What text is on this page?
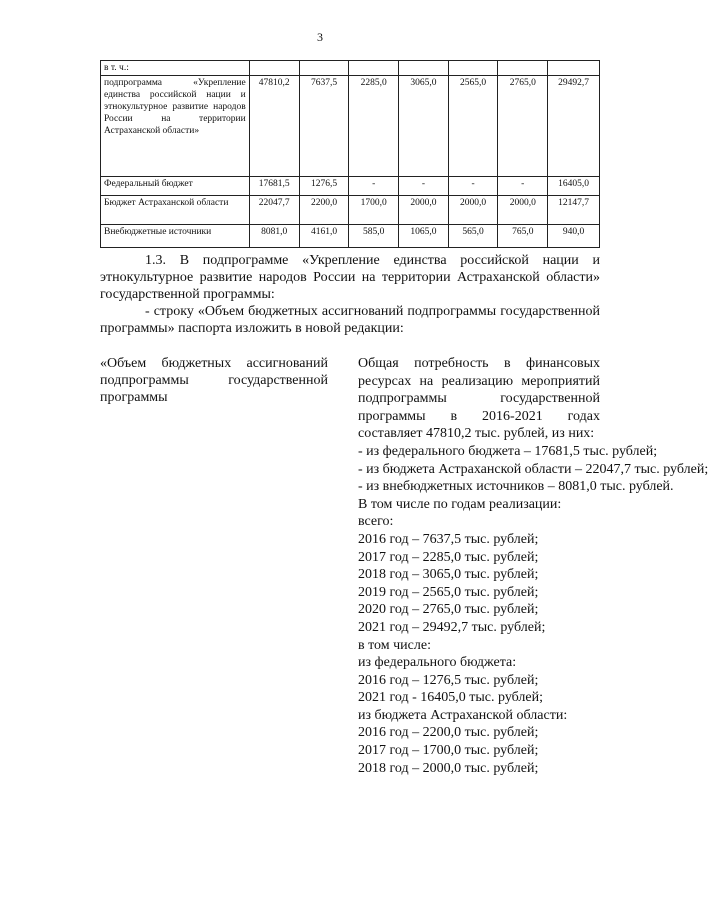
3
в т. ч.:							
подпрограмма «Укрепление единства российской нации и этнокультурное развитие народов России на территории Астраханской области»	47810,2	7637,5	2285,0	3065,0	2565,0	2765,0	29492,7
Федеральный бюджет	17681,5	1276,5	-	-	-	-	16405,0
Бюджет Астраханской области	22047,7	2200,0	1700,0	2000,0	2000,0	2000,0	12147,7
Внебюджетные источники	8081,0	4161,0	585,0	1065,0	565,0	765,0	940,0

1.3. В подпрограмме «Укрепление единства российской нации и этнокультурное развитие народов России на территории Астраханской области» государственной программы:

- строку «Объем бюджетных ассигнований подпрограммы государственной программы» паспорта изложить в новой редакции:

«Объем бюджетных ассигнований подпрограммы государственной программы
Общая потребность в финансовых ресурсах на реализацию мероприятий подпрограммы государственной программы в 2016-2021 годах составляет 47810,2 тыс. рублей, из них:
- из федерального бюджета – 17681,5 тыс. рублей;
- из бюджета Астраханской области – 22047,7 тыс. рублей;
- из внебюджетных источников – 8081,0 тыс. рублей.
В том числе по годам реализации:
всего:
2016 год – 7637,5 тыс. рублей;
2017 год – 2285,0 тыс. рублей;
2018 год – 3065,0 тыс. рублей;
2019 год – 2565,0 тыс. рублей;
2020 год – 2765,0 тыс. рублей;
2021 год – 29492,7 тыс. рублей;
в том числе:
из федерального бюджета:
2016 год – 1276,5 тыс. рублей;
2021 год - 16405,0 тыс. рублей;
из бюджета Астраханской области:
2016 год – 2200,0 тыс. рублей;
2017 год – 1700,0 тыс. рублей;
2018 год – 2000,0 тыс. рублей;
